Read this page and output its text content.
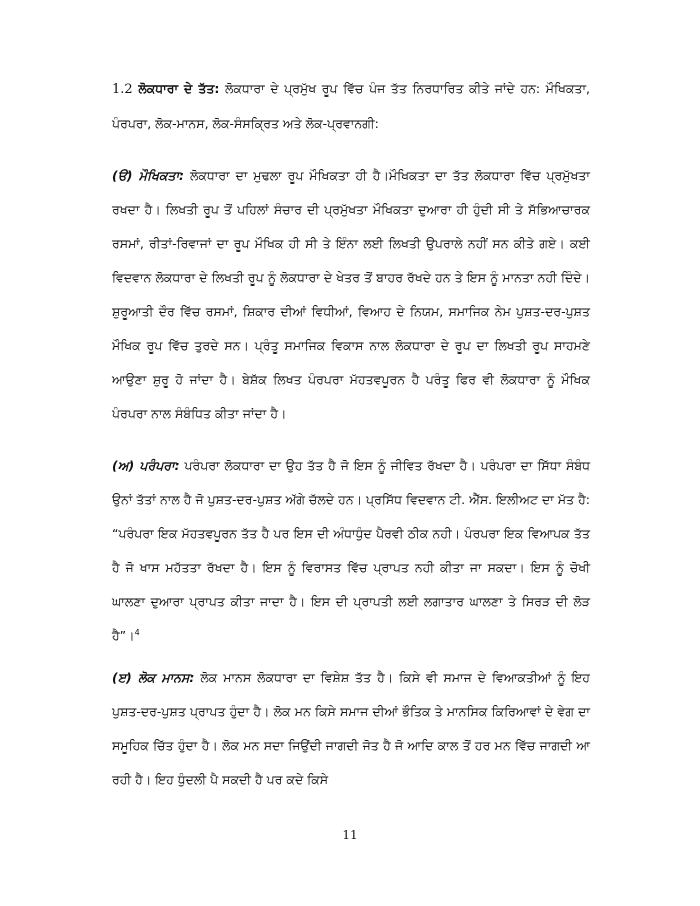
1.2 ਲੋਕਧਾਰਾ ਦੇ ਤੱਤ: ਲੋਕਧਾਰਾ ਦੇ ਪ੍ਰਮੁੱਖ ਰੂਪ ਵਿੱਚ ਪੰਜ ਤੱਤ ਨਿਰਧਾਰਿਤ ਕੀਤੇ ਜਾਂਦੇ ਹਨ: ਮੌਖਿਕਤਾ, ਪੰਰਪਰਾ, ਲੋਕ-ਮਾਨਸ, ਲੋਕ-ਸੰਸਕ੍ਰਿਤ ਅਤੇ ਲੋਕ-ਪ੍ਰਵਾਨਗੀ:

(ੳ) ਮੌਖਿਕਤਾ: ਲੋਕਧਾਰਾ ਦਾ ਮੁਢਲਾ ਰੂਪ ਮੌਖਿਕਤਾ ਹੀ ਹੈ।ਮੌਖਿਕਤਾ ਦਾ ਤੱਤ ਲੋਕਧਾਰਾ ਵਿੱਚ ਪ੍ਰਮੁੱਖਤਾ ਰਖਦਾ ਹੈ। ਲਿਖਤੀ ਰੂਪ ਤੋਂ ਪਹਿਲਾਂ ਸੰਚਾਰ ਦੀ ਪ੍ਰਮੁੱਖਤਾ ਮੌਖਿਕਤਾ ਦੁਆਰਾ ਹੀ ਹੁੰਦੀ ਸੀ ਤੇ ਸੱਭਿਆਚਾਰਕ ਰਸਮਾਂ, ਰੀਤਾਂ-ਰਿਵਾਜਾਂ ਦਾ ਰੂਪ ਮੌਖਿਕ ਹੀ ਸੀ ਤੇ ਇੰਨਾ ਲਈ ਲਿਖਤੀ ਉਪਰਾਲੇ ਨਹੀਂ ਸਨ ਕੀਤੇ ਗਏ। ਕਈ ਵਿਦਵਾਨ ਲੋਕਧਾਰਾ ਦੇ ਲਿਖਤੀ ਰੂਪ ਨੂੰ ਲੋਕਧਾਰਾ ਦੇ ਖੇਤਰ ਤੋਂ ਬਾਹਰ ਰੱਖਦੇ ਹਨ ਤੇ ਇਸ ਨੂੰ ਮਾਨਤਾ ਨਹੀ ਦਿੰਦੇ। ਸ਼ੁਰੂਆਤੀ ਦੌਰ ਵਿੱਚ ਰਸਮਾਂ, ਸ਼ਿਕਾਰ ਦੀਆਂ ਵਿਧੀਆਂ, ਵਿਆਹ ਦੇ ਨਿਯਮ, ਸਮਾਜਿਕ ਨੇਮ ਪੁਸ਼ਤ-ਦਰ-ਪੁਸ਼ਤ ਮੌਖਿਕ ਰੂਪ ਵਿੱਚ ਤੁਰਦੇ ਸਨ। ਪ੍ਰੰਤੂ ਸਮਾਜਿਕ ਵਿਕਾਸ ਨਾਲ ਲੋਕਧਾਰਾ ਦੇ ਰੂਪ ਦਾ ਲਿਖਤੀ ਰੂਪ ਸਾਹਮਣੇ ਆਉਣਾ ਸ਼ੁਰੂ ਹੋ ਜਾਂਦਾ ਹੈ। ਬੇਸ਼ੱਕ ਲਿਖਤ ਪੰਰਪਰਾ ਮੱਹਤਵਪੂਰਨ ਹੈ ਪਰੰਤੂ ਫਿਰ ਵੀ ਲੋਕਧਾਰਾ ਨੂੰ ਮੌਖਿਕ ਪੰਰਪਰਾ ਨਾਲ ਸੰਬੰਧਿਤ ਕੀਤਾ ਜਾਂਦਾ ਹੈ।

(ਅ) ਪਰੰਪਰਾ: ਪਰੰਪਰਾ ਲੋਕਧਾਰਾ ਦਾ ਉਹ ਤੱਤ ਹੈ ਜੋ ਇਸ ਨੂੰ ਜੀਵਿਤ ਰੱਖਦਾ ਹੈ। ਪਰੰਪਰਾ ਦਾ ਸਿੱਧਾ ਸੰਬੰਧ ਉਨਾਂ ਤੱਤਾਂ ਨਾਲ ਹੈ ਜੋ ਪੁਸ਼ਤ-ਦਰ-ਪੁਸ਼ਤ ਅੱਗੇ ਚੱਲਦੇ ਹਨ। ਪ੍ਰਸਿੱਧ ਵਿਦਵਾਨ ਟੀ. ਐੱਸ. ਇਲੀਅਟ ਦਾ ਮੱਤ ਹੈ: “ਪਰੰਪਰਾ ਇਕ ਮੱਹਤਵਪੂਰਨ ਤੱਤ ਹੈ ਪਰ ਇਸ ਦੀ ਅੰਧਾਧੁੰਦ ਪੈਰਵੀ ਠੀਕ ਨਹੀ। ਪੰਰਪਰਾ ਇਕ ਵਿਆਪਕ ਤੱਤ ਹੈ ਜੋ ਖਾਸ ਮਹੱਤਤਾ ਰੱਖਦਾ ਹੈ। ਇਸ ਨੂੰ ਵਿਰਾਸਤ ਵਿੱਚ ਪ੍ਰਾਪਤ ਨਹੀ ਕੀਤਾ ਜਾ ਸਕਦਾ। ਇਸ ਨੂੰ ਚੋਖੀ ਘਾਲਣਾ ਦੁਆਰਾ ਪ੍ਰਾਪਤ ਕੀਤਾ ਜਾਦਾ ਹੈ। ਇਸ ਦੀ ਪ੍ਰਾਪਤੀ ਲਈ ਲਗਾਤਾਰ ਘਾਲਣਾ ਤੇ ਸਿਰੜ ਦੀ ਲੋੜ ਹੈ”।$^4$

(ੲ) ਲੋਕ ਮਾਨਸ: ਲੋਕ ਮਾਨਸ ਲੋਕਧਾਰਾ ਦਾ ਵਿਸ਼ੇਸ਼ ਤੱਤ ਹੈ। ਕਿਸੇ ਵੀ ਸਮਾਜ ਦੇ ਵਿਆਕਤੀਆਂ ਨੂੰ ਇਹ ਪੁਸ਼ਤ-ਦਰ-ਪੁਸ਼ਤ ਪ੍ਰਾਪਤ ਹੁੰਦਾ ਹੈ। ਲੋਕ ਮਨ ਕਿਸੇ ਸਮਾਜ ਦੀਆਂ ਭੌਤਿਕ ਤੇ ਮਾਨਸਿਕ ਕਿਰਿਆਵਾਂ ਦੇ ਵੇਗ ਦਾ ਸਮੂਹਿਕ ਚਿੱਤ ਹੁੰਦਾ ਹੈ। ਲੋਕ ਮਨ ਸਦਾ ਜਿਉਂਦੀ ਜਾਗਦੀ ਜੋਤ ਹੈ ਜੋ ਆਦਿ ਕਾਲ ਤੋਂ ਹਰ ਮਨ ਵਿੱਚ ਜਾਗਦੀ ਆ ਰਹੀ ਹੈ। ਇਹ ਧੁੰਦਲੀ ਪੈ ਸਕਦੀ ਹੈ ਪਰ ਕਦੇ ਕਿਸੇ

11
